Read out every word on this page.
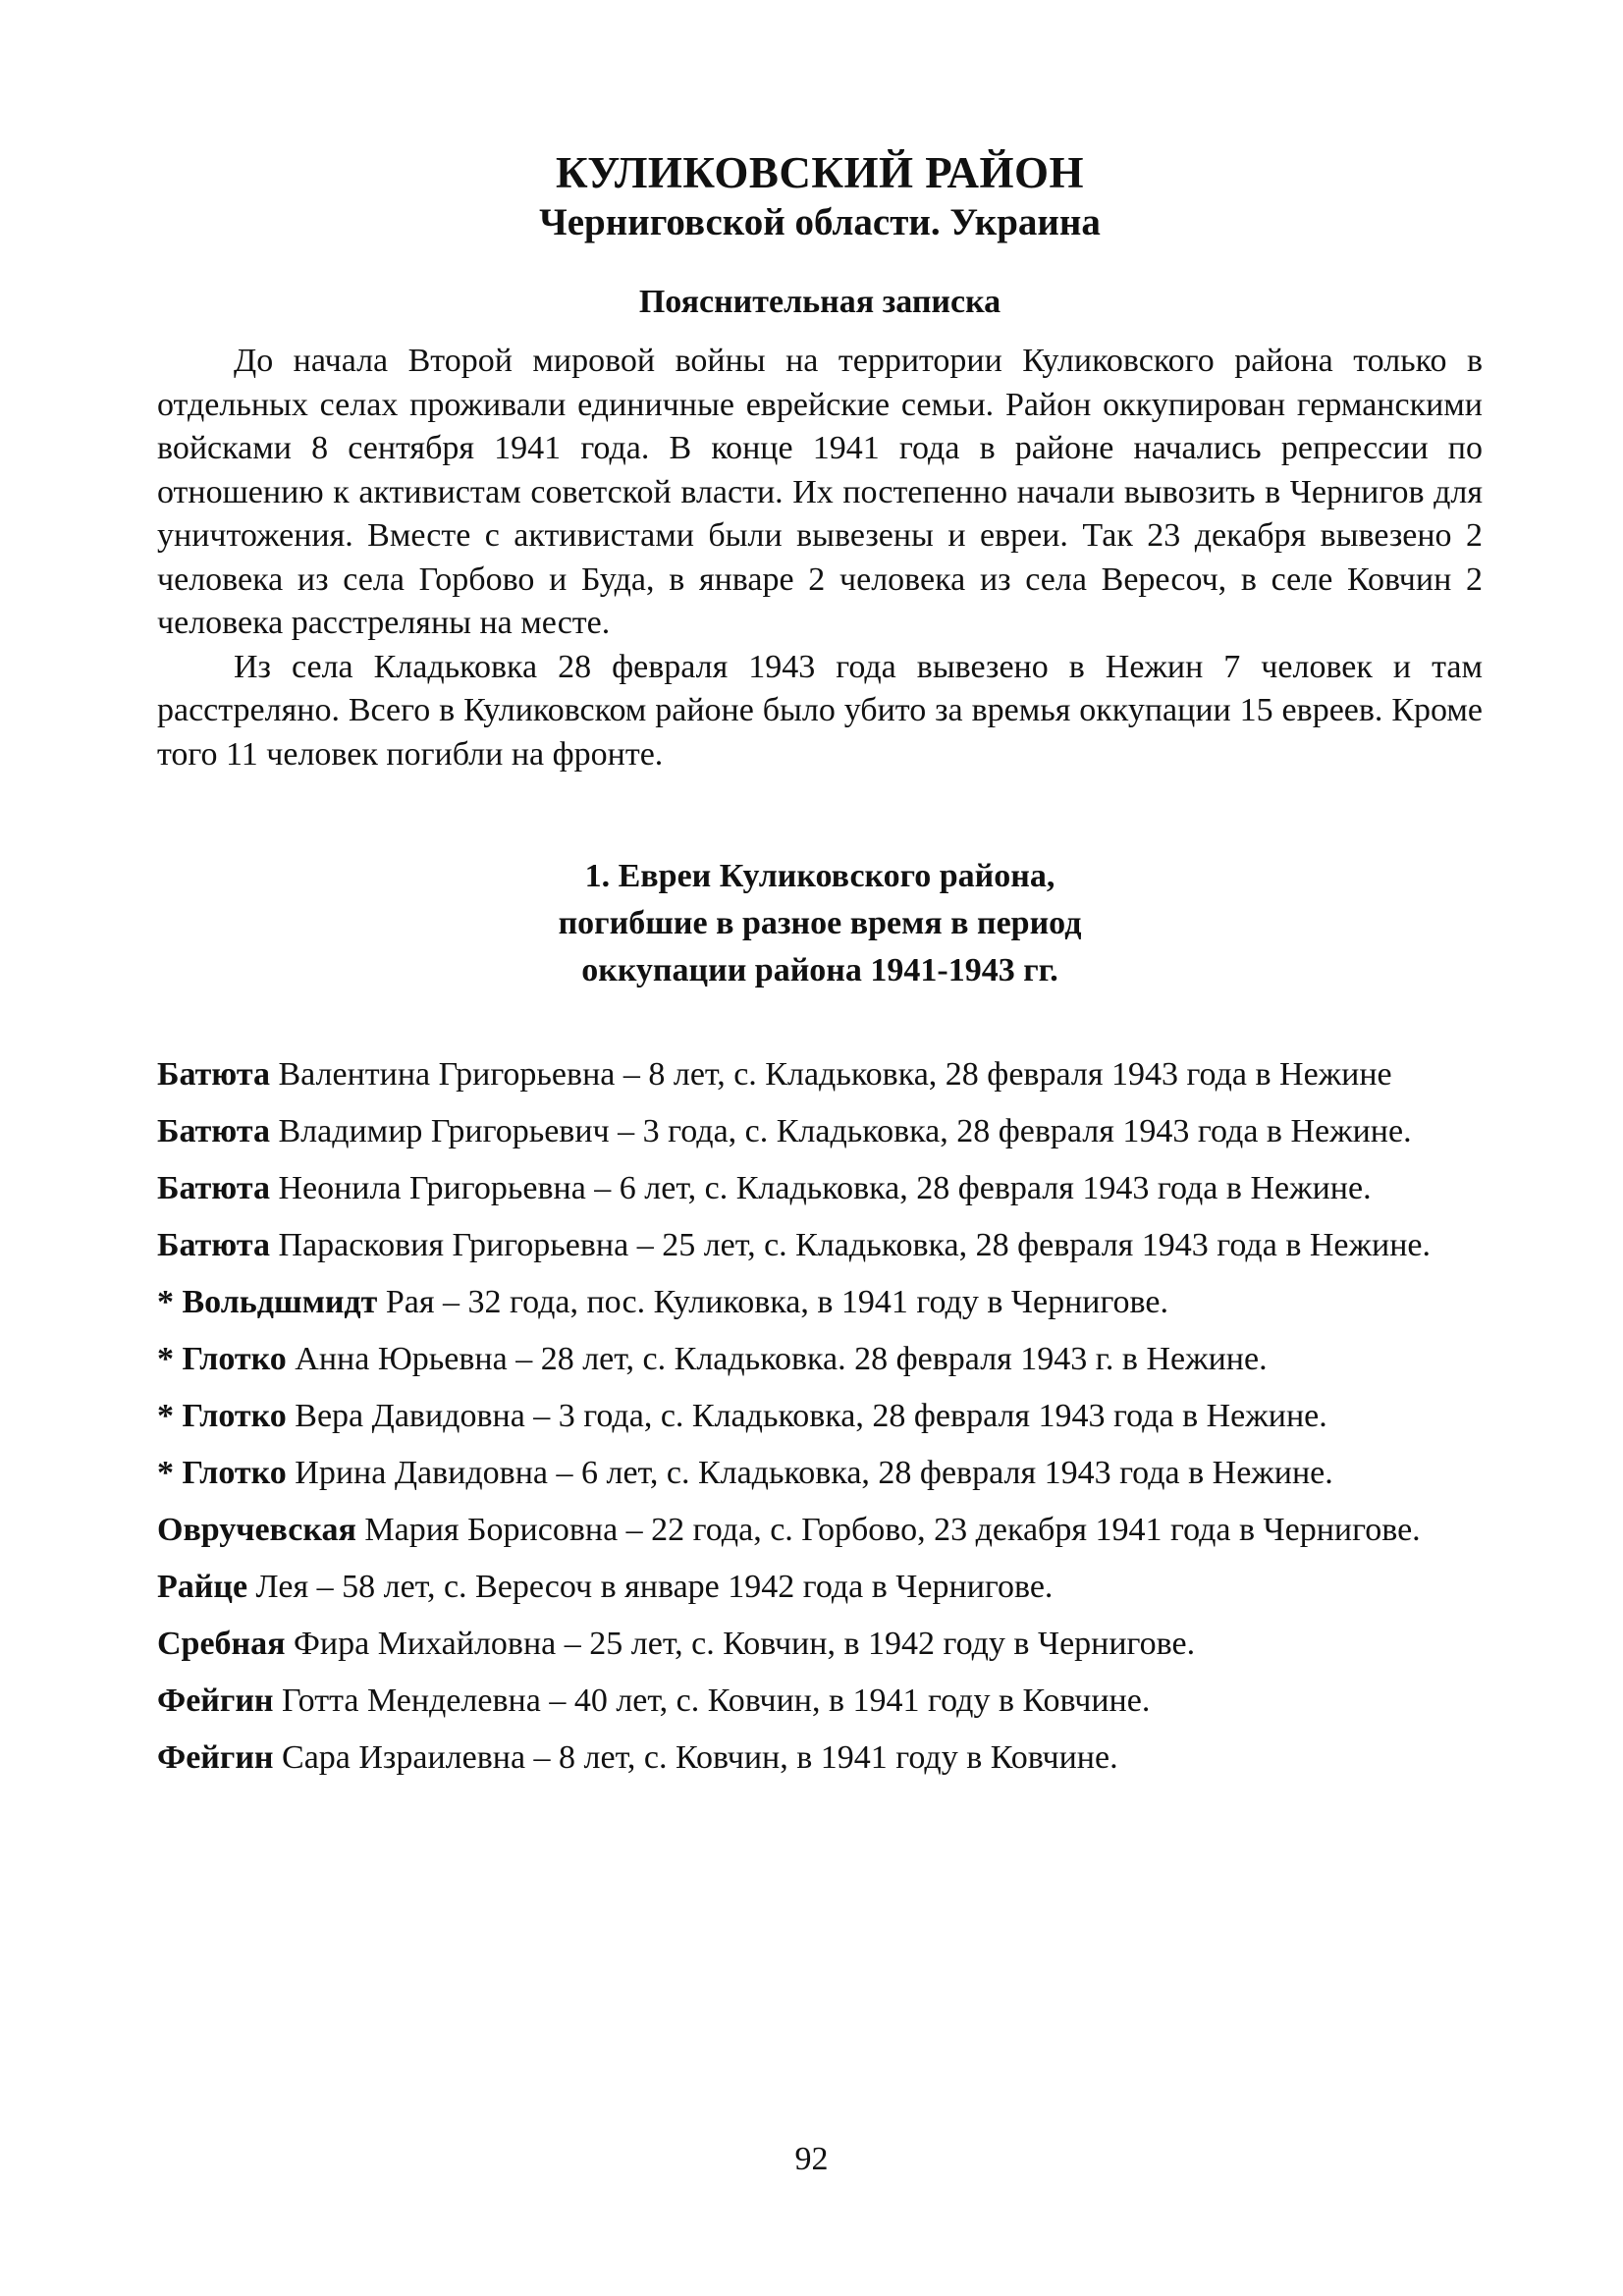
КУЛИКОВСКИЙ РАЙОН
Черниговской области. Украина
Пояснительная записка

До начала Второй мировой войны на территории Куликовского района только в отдельных селах проживали единичные еврейские семьи. Район оккупирован германскими войсками 8 сентября 1941 года. В конце 1941 года в районе начались репрессии по отношению к активистам советской власти. Их постепенно начали вывозить в Чернигов для уничтожения. Вместе с активистами были вывезены и евреи. Так 23 декабря вывезено 2 человека из села Горбово и Буда, в январе 2 человека из села Вересоч, в селе Ковчин 2 человека расстреляны на месте.

Из села Кладьковка 28 февраля 1943 года вывезено в Нежин 7 человек и там расстреляно. Всего в Куликовском районе было убито за времья оккупации 15 евреев. Кроме того 11 человек погибли на фронте.

1. Евреи Куликовского района,
погибшие в разное время в период
оккупации района 1941-1943 гг.

Батюта Валентина Григорьевна – 8 лет, с. Кладьковка, 28 февраля 1943 года в Нежине

Батюта Владимир Григорьевич – 3 года, с. Кладьковка, 28 февраля 1943 года в Нежине.

Батюта Неонила Григорьевна – 6 лет, с. Кладьковка, 28 февраля 1943 года в Нежине.

Батюта Парасковия Григорьевна – 25 лет, с. Кладьковка, 28 февраля 1943 года в Нежине.

* Вольдшмидт Рая – 32 года, пос. Куликовка, в 1941 году в Чернигове.

* Глотко Анна Юрьевна – 28 лет, с. Кладьковка. 28 февраля 1943 г. в Нежине.

* Глотко Вера Давидовна – 3 года, с. Кладьковка, 28 февраля 1943 года в Нежине.

* Глотко Ирина Давидовна – 6 лет, с. Кладьковка, 28 февраля 1943 года в Нежине.

Овручевская Мария Борисовна – 22 года, с. Горбово, 23 декабря 1941 года в Чернигове.

Райце Лея – 58 лет, с. Вересоч в январе 1942 года в Чернигове.

Сребная Фира Михайловна – 25 лет, с. Ковчин, в 1942 году в Чернигове.

Фейгин Готта Менделевна – 40 лет, с. Ковчин, в 1941 году в Ковчине.

Фейгин Сара Израилевна – 8 лет, с. Ковчин, в 1941 году в Ковчине.

92
